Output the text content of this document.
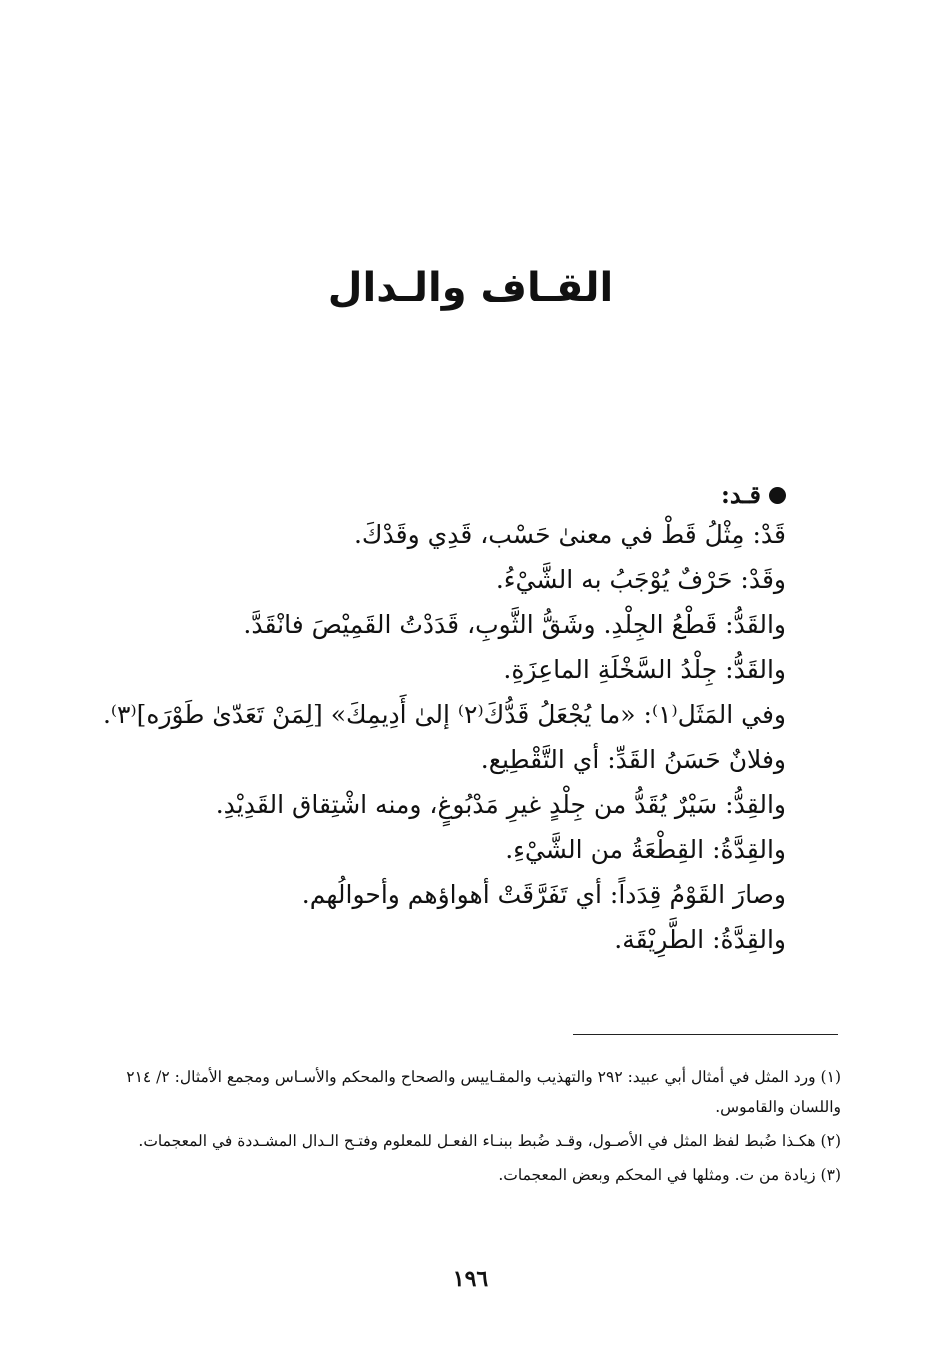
القـاف والـدال
قـد:
قَدْ: مِثْلُ قَطْ في معنىٰ حَسْب، قَدِي وقَدْكَ.
وقَدْ: حَرْفٌ يُوْجَبُ به الشَّيْءُ.
والقَدُّ: قَطْعُ الجِلْدِ. وشَقُّ الثَّوبِ، قَدَدْتُ القَمِيْصَ فانْقَدَّ.
والقَدُّ: جِلْدُ السَّخْلَةِ الماعِزَةِ.
وفي المَثَل⁽١⁾: «ما يُجْعَلُ قَدُّكَ⁽٢⁾ إلىٰ أَدِيمِكَ» [لِمَنْ تَعَدّىٰ طَوْرَه]⁽٣⁾.
وفلانٌ حَسَنُ القَدِّ: أي التَّقْطِيع.
والقِدُّ: سَيْرٌ يُقَدُّ من جِلْدٍ غيرِ مَدْبُوغٍ، ومنه اشْتِقاق القَدِيْدِ.
والقِدَّةُ: القِطْعَةُ من الشَّيْءِ.
وصارَ القَوْمُ قِدَداً: أي تَفَرَّقَتْ أهواؤهم وأحوالُهم.
والقِدَّةُ: الطَّرِيْقَة.
(١) ورد المثل في أمثال أبي عبيد: ٢٩٢ والتهذيب والمقـاييس والصحاح والمحكم والأسـاس ومجمع الأمثال: ٢/ ٢١٤ واللسان والقاموس.
(٢) هكـذا ضُبط لفظ المثل في الأصـول، وقـد ضُبط ببنـاء الفعـل للمعلوم وفتـح الـدال المشـددة في المعجمات.
(٣) زيادة من ت. ومثلها في المحكم وبعض المعجمات.
١٩٦
